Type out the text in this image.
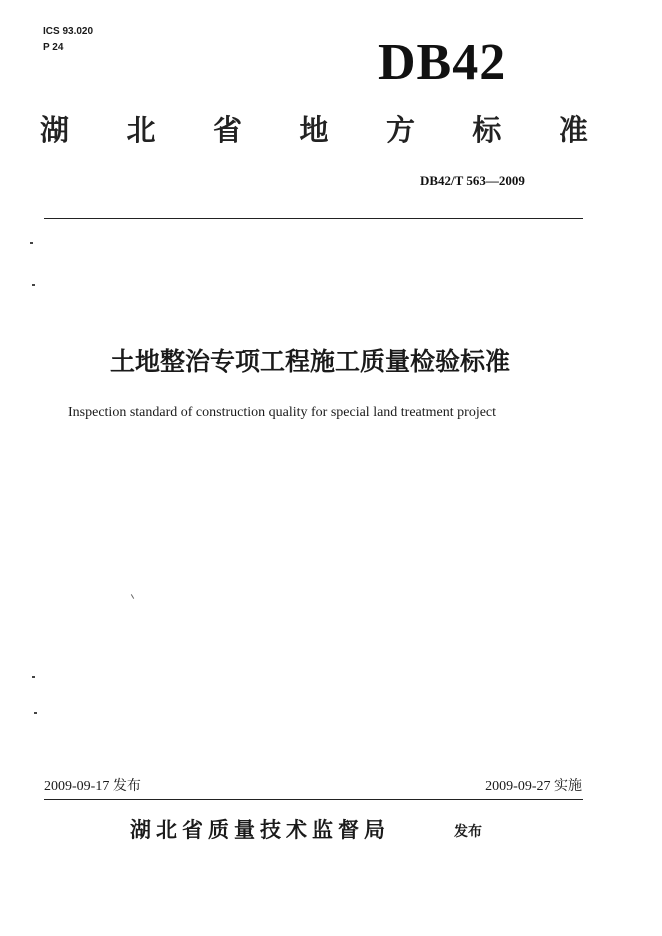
ICS 93.020
P 24	DB42
湖 北 省 地 方 标 准
DB42/T 563—2009
土地整治专项工程施工质量检验标准
Inspection standard of construction quality for special land treatment project
2009-09-17 发布	2009-09-27 实施
湖北省质量技术监督局	发布
